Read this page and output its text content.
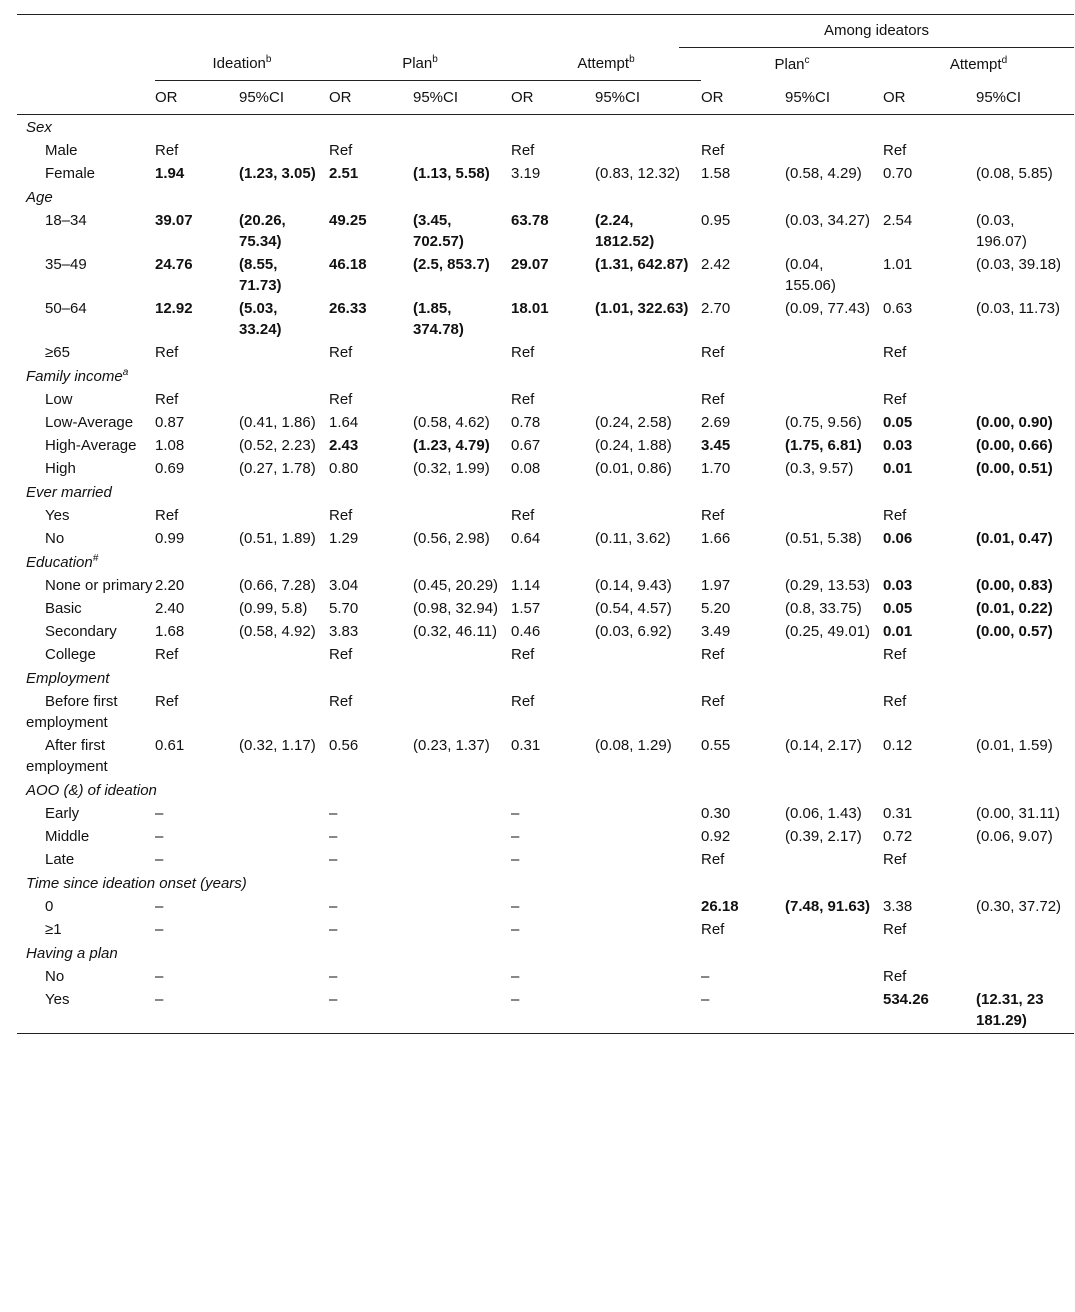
							Among ideators			

	Ideation$^b$		Plan$^b$		Attempt$^b$		Plan$^c$		Attempt$^d$

	OR	95%CI	OR	95%CI	OR	95%CI	OR	95%CI	OR	95%CI
Sex										
Male	Ref		Ref		Ref		Ref		Ref	
Female	1.94	(1.23, 3.05)	2.51	(1.13, 5.58)	3.19	(0.83, 12.32)	1.58	(0.58, 4.29)	0.70	(0.08, 5.85)
Age										
18–34	39.07	(20.26, 75.34)	49.25	(3.45, 702.57)	63.78	(2.24, 1812.52)	0.95	(0.03, 34.27)	2.54	(0.03, 196.07)
35–49	24.76	(8.55, 71.73)	46.18	(2.5, 853.7)	29.07	(1.31, 642.87)	2.42	(0.04, 155.06)	1.01	(0.03, 39.18)
50–64	12.92	(5.03, 33.24)	26.33	(1.85, 374.78)	18.01	(1.01, 322.63)	2.70	(0.09, 77.43)	0.63	(0.03, 11.73)
≥65	Ref		Ref		Ref		Ref		Ref	
Family income$^a$
Low	Ref		Ref		Ref		Ref		Ref	
Low-Average	0.87	(0.41, 1.86)	1.64	(0.58, 4.62)	0.78	(0.24, 2.58)	2.69	(0.75, 9.56)	0.05	(0.00, 0.90)
High-Average	1.08	(0.52, 2.23)	2.43	(1.23, 4.79)	0.67	(0.24, 1.88)	3.45	(1.75, 6.81)	0.03	(0.00, 0.66)
High	0.69	(0.27, 1.78)	0.80	(0.32, 1.99)	0.08	(0.01, 0.86)	1.70	(0.3, 9.57)	0.01	(0.00, 0.51)
Ever married										
Yes	Ref		Ref		Ref		Ref		Ref	
No	0.99	(0.51, 1.89)	1.29	(0.56, 2.98)	0.64	(0.11, 3.62)	1.66	(0.51, 5.38)	0.06	(0.01, 0.47)
Education#
None or primary	2.20	(0.66, 7.28)	3.04	(0.45, 20.29)	1.14	(0.14, 9.43)	1.97	(0.29, 13.53)	0.03	(0.00, 0.83)
Basic	2.40	(0.99, 5.8)	5.70	(0.98, 32.94)	1.57	(0.54, 4.57)	5.20	(0.8, 33.75)	0.05	(0.01, 0.22)
Secondary	1.68	(0.58, 4.92)	3.83	(0.32, 46.11)	0.46	(0.03, 6.92)	3.49	(0.25, 49.01)	0.01	(0.00, 0.57)
College	Ref		Ref		Ref		Ref		Ref	
Employment										
Before first employment	Ref		Ref		Ref		Ref		Ref	
After first employment	0.61	(0.32, 1.17)	0.56	(0.23, 1.37)	0.31	(0.08, 1.29)	0.55	(0.14, 2.17)	0.12	(0.01, 1.59)
AOO (&) of ideation										
Early	–		–		–		0.30	(0.06, 1.43)	0.31	(0.00, 31.11)
Middle	–		–		–		0.92	(0.39, 2.17)	0.72	(0.06, 9.07)
Late	–		–		–		Ref		Ref	
Time since ideation onset (years)										
0	–		–		–		26.18	(7.48, 91.63)	3.38	(0.30, 37.72)
≥1	–		–		–		Ref		Ref	
Having a plan										
No	–		–		–		–		Ref	
Yes	–		–		–		–		534.26	(12.31, 23 181.29)
